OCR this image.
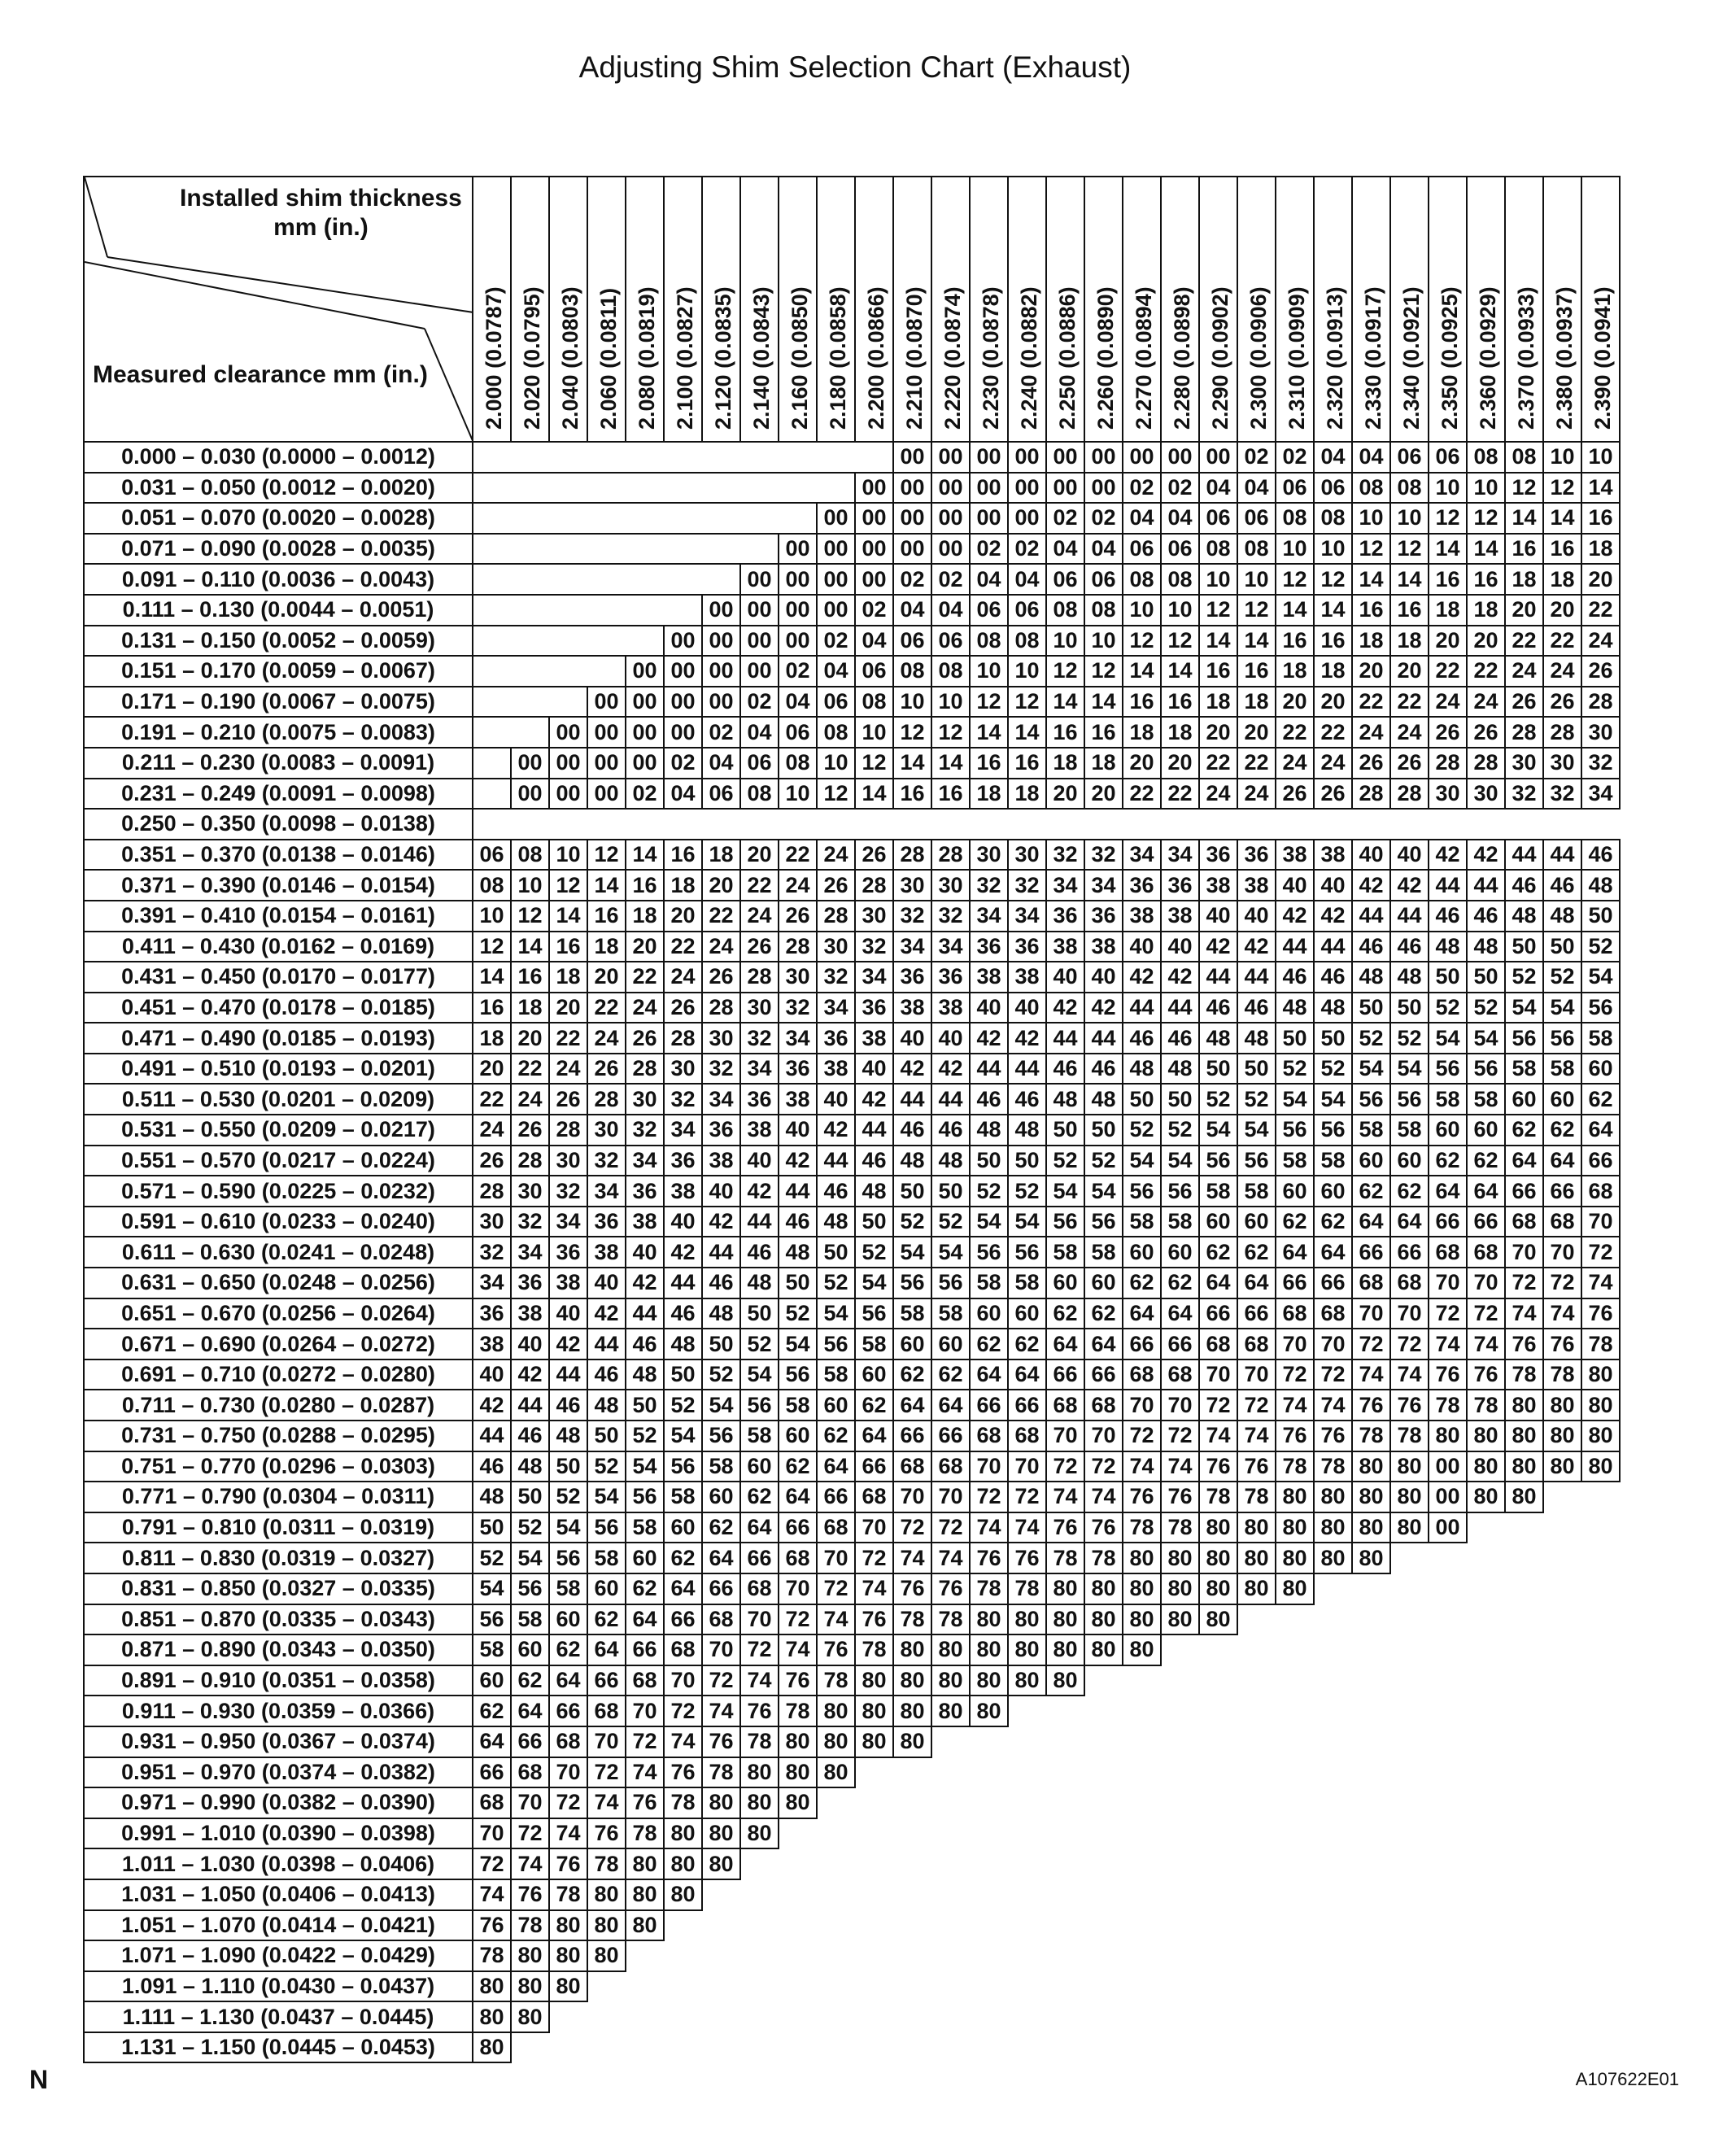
Adjusting Shim Selection Chart (Exhaust)
Installed shim thickness
mm (in.)
Measured clearance mm (in.)	2.000 (0.0787)	2.020 (0.0795)	2.040 (0.0803)	2.060 (0.0811)	2.080 (0.0819)	2.100 (0.0827)	2.120 (0.0835)	2.140 (0.0843)	2.160 (0.0850)	2.180 (0.0858)	2.200 (0.0866)	2.210 (0.0870)	2.220 (0.0874)	2.230 (0.0878)	2.240 (0.0882)	2.250 (0.0886)	2.260 (0.0890)	2.270 (0.0894)	2.280 (0.0898)	2.290 (0.0902)	2.300 (0.0906)	2.310 (0.0909)	2.320 (0.0913)	2.330 (0.0917)	2.340 (0.0921)	2.350 (0.0925)	2.360 (0.0929)	2.370 (0.0933)	2.380 (0.0937)	2.390 (0.0941)

0.000 – 0.030 (0.0000 – 0.0012)												00	00	00	00	00	00	00	00	00	02	02	04	04	06	06	08	08	10	10
0.031 – 0.050 (0.0012 – 0.0020)											00	00	00	00	00	00	00	02	02	04	04	06	06	08	08	10	10	12	12	14
0.051 – 0.070 (0.0020 – 0.0028)										00	00	00	00	00	00	02	02	04	04	06	06	08	08	10	10	12	12	14	14	16
0.071 – 0.090 (0.0028 – 0.0035)									00	00	00	00	00	02	02	04	04	06	06	08	08	10	10	12	12	14	14	16	16	18
0.091 – 0.110 (0.0036 – 0.0043)								00	00	00	00	02	02	04	04	06	06	08	08	10	10	12	12	14	14	16	16	18	18	20
0.111 – 0.130 (0.0044 – 0.0051)							00	00	00	00	02	04	04	06	06	08	08	10	10	12	12	14	14	16	16	18	18	20	20	22
0.131 – 0.150 (0.0052 – 0.0059)						00	00	00	00	02	04	06	06	08	08	10	10	12	12	14	14	16	16	18	18	20	20	22	22	24
0.151 – 0.170 (0.0059 – 0.0067)					00	00	00	00	02	04	06	08	08	10	10	12	12	14	14	16	16	18	18	20	20	22	22	24	24	26
0.171 – 0.190 (0.0067 – 0.0075)				00	00	00	00	02	04	06	08	10	10	12	12	14	14	16	16	18	18	20	20	22	22	24	24	26	26	28
0.191 – 0.210 (0.0075 – 0.0083)			00	00	00	00	02	04	06	08	10	12	12	14	14	16	16	18	18	20	20	22	22	24	24	26	26	28	28	30
0.211 – 0.230 (0.0083 – 0.0091)		00	00	00	00	02	04	06	08	10	12	14	14	16	16	18	18	20	20	22	22	24	24	26	26	28	28	30	30	32
0.231 – 0.249 (0.0091 – 0.0098)		00	00	00	02	04	06	08	10	12	14	16	16	18	18	20	20	22	22	24	24	26	26	28	28	30	30	32	32	34
0.250 – 0.350 (0.0098 – 0.0138)																														
0.351 – 0.370 (0.0138 – 0.0146)	06	08	10	12	14	16	18	20	22	24	26	28	28	30	30	32	32	34	34	36	36	38	38	40	40	42	42	44	44	46
0.371 – 0.390 (0.0146 – 0.0154)	08	10	12	14	16	18	20	22	24	26	28	30	30	32	32	34	34	36	36	38	38	40	40	42	42	44	44	46	46	48
0.391 – 0.410 (0.0154 – 0.0161)	10	12	14	16	18	20	22	24	26	28	30	32	32	34	34	36	36	38	38	40	40	42	42	44	44	46	46	48	48	50
0.411 – 0.430 (0.0162 – 0.0169)	12	14	16	18	20	22	24	26	28	30	32	34	34	36	36	38	38	40	40	42	42	44	44	46	46	48	48	50	50	52
0.431 – 0.450 (0.0170 – 0.0177)	14	16	18	20	22	24	26	28	30	32	34	36	36	38	38	40	40	42	42	44	44	46	46	48	48	50	50	52	52	54
0.451 – 0.470 (0.0178 – 0.0185)	16	18	20	22	24	26	28	30	32	34	36	38	38	40	40	42	42	44	44	46	46	48	48	50	50	52	52	54	54	56
0.471 – 0.490 (0.0185 – 0.0193)	18	20	22	24	26	28	30	32	34	36	38	40	40	42	42	44	44	46	46	48	48	50	50	52	52	54	54	56	56	58
0.491 – 0.510 (0.0193 – 0.0201)	20	22	24	26	28	30	32	34	36	38	40	42	42	44	44	46	46	48	48	50	50	52	52	54	54	56	56	58	58	60
0.511 – 0.530 (0.0201 – 0.0209)	22	24	26	28	30	32	34	36	38	40	42	44	44	46	46	48	48	50	50	52	52	54	54	56	56	58	58	60	60	62
0.531 – 0.550 (0.0209 – 0.0217)	24	26	28	30	32	34	36	38	40	42	44	46	46	48	48	50	50	52	52	54	54	56	56	58	58	60	60	62	62	64
0.551 – 0.570 (0.0217 – 0.0224)	26	28	30	32	34	36	38	40	42	44	46	48	48	50	50	52	52	54	54	56	56	58	58	60	60	62	62	64	64	66
0.571 – 0.590 (0.0225 – 0.0232)	28	30	32	34	36	38	40	42	44	46	48	50	50	52	52	54	54	56	56	58	58	60	60	62	62	64	64	66	66	68
0.591 – 0.610 (0.0233 – 0.0240)	30	32	34	36	38	40	42	44	46	48	50	52	52	54	54	56	56	58	58	60	60	62	62	64	64	66	66	68	68	70
0.611 – 0.630 (0.0241 – 0.0248)	32	34	36	38	40	42	44	46	48	50	52	54	54	56	56	58	58	60	60	62	62	64	64	66	66	68	68	70	70	72
0.631 – 0.650 (0.0248 – 0.0256)	34	36	38	40	42	44	46	48	50	52	54	56	56	58	58	60	60	62	62	64	64	66	66	68	68	70	70	72	72	74
0.651 – 0.670 (0.0256 – 0.0264)	36	38	40	42	44	46	48	50	52	54	56	58	58	60	60	62	62	64	64	66	66	68	68	70	70	72	72	74	74	76
0.671 – 0.690 (0.0264 – 0.0272)	38	40	42	44	46	48	50	52	54	56	58	60	60	62	62	64	64	66	66	68	68	70	70	72	72	74	74	76	76	78
0.691 – 0.710 (0.0272 – 0.0280)	40	42	44	46	48	50	52	54	56	58	60	62	62	64	64	66	66	68	68	70	70	72	72	74	74	76	76	78	78	80
0.711 – 0.730 (0.0280 – 0.0287)	42	44	46	48	50	52	54	56	58	60	62	64	64	66	66	68	68	70	70	72	72	74	74	76	76	78	78	80	80	80
0.731 – 0.750 (0.0288 – 0.0295)	44	46	48	50	52	54	56	58	60	62	64	66	66	68	68	70	70	72	72	74	74	76	76	78	78	80	80	80	80	80
0.751 – 0.770 (0.0296 – 0.0303)	46	48	50	52	54	56	58	60	62	64	66	68	68	70	70	72	72	74	74	76	76	78	78	80	80	00	80	80	80	80
0.771 – 0.790 (0.0304 – 0.0311)	48	50	52	54	56	58	60	62	64	66	68	70	70	72	72	74	74	76	76	78	78	80	80	80	80	00	80	80		
0.791 – 0.810 (0.0311 – 0.0319)	50	52	54	56	58	60	62	64	66	68	70	72	72	74	74	76	76	78	78	80	80	80	80	80	80	00				
0.811 – 0.830 (0.0319 – 0.0327)	52	54	56	58	60	62	64	66	68	70	72	74	74	76	76	78	78	80	80	80	80	80	80	80						
0.831 – 0.850 (0.0327 – 0.0335)	54	56	58	60	62	64	66	68	70	72	74	76	76	78	78	80	80	80	80	80	80	80								
0.851 – 0.870 (0.0335 – 0.0343)	56	58	60	62	64	66	68	70	72	74	76	78	78	80	80	80	80	80	80	80										
0.871 – 0.890 (0.0343 – 0.0350)	58	60	62	64	66	68	70	72	74	76	78	80	80	80	80	80	80	80												
0.891 – 0.910 (0.0351 – 0.0358)	60	62	64	66	68	70	72	74	76	78	80	80	80	80	80	80														
0.911 – 0.930 (0.0359 – 0.0366)	62	64	66	68	70	72	74	76	78	80	80	80	80	80																
0.931 – 0.950 (0.0367 – 0.0374)	64	66	68	70	72	74	76	78	80	80	80	80																		
0.951 – 0.970 (0.0374 – 0.0382)	66	68	70	72	74	76	78	80	80	80																				
0.971 – 0.990 (0.0382 – 0.0390)	68	70	72	74	76	78	80	80	80																					
0.991 – 1.010 (0.0390 – 0.0398)	70	72	74	76	78	80	80	80																						
1.011 – 1.030 (0.0398 – 0.0406)	72	74	76	78	80	80	80																							
1.031 – 1.050 (0.0406 – 0.0413)	74	76	78	80	80	80																								
1.051 – 1.070 (0.0414 – 0.0421)	76	78	80	80	80																									
1.071 – 1.090 (0.0422 – 0.0429)	78	80	80	80																										
1.091 – 1.110 (0.0430 – 0.0437)	80	80	80																											
1.111 – 1.130 (0.0437 – 0.0445)	80	80																												
1.131 – 1.150 (0.0445 – 0.0453)	80																													
N	A107622E01
